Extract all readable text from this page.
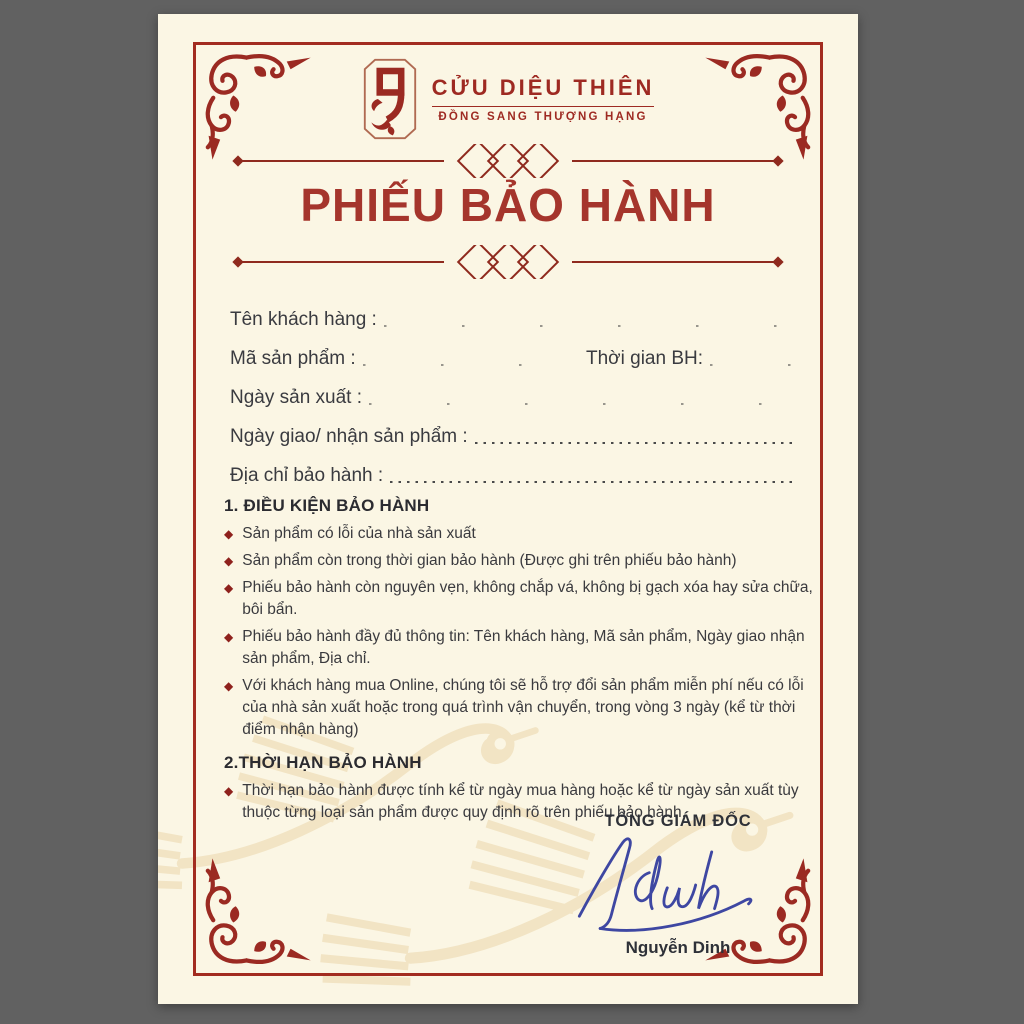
CỬU DIỆU THIÊN
ĐỒNG SANG THƯỢNG HẠNG
PHIẾU BẢO HÀNH
Tên khách hàng :
Mã sản phẩm :	Thời gian BH:
Ngày sản xuất :
Ngày giao/ nhận sản phẩm :
Địa chỉ bảo hành :
1. ĐIỀU KIỆN BẢO HÀNH
◆ Sản phẩm có lỗi của nhà sản xuất
◆ Sản phẩm còn trong thời gian bảo hành (Được ghi trên phiếu bảo hành)
◆ Phiếu bảo hành còn nguyên vẹn, không chắp vá, không bị gạch xóa hay sửa chữa, bôi bẩn.
◆ Phiếu bảo hành đầy đủ thông tin: Tên khách hàng, Mã sản phẩm, Ngày giao nhận sản phẩm, Địa chỉ.
◆ Với khách hàng mua Online, chúng tôi sẽ hỗ trợ đổi sản phẩm miễn phí nếu có lỗi của nhà sản xuất hoặc trong quá trình vận chuyển, trong vòng 3 ngày (kể từ thời điểm nhận hàng)
2.THỜI HẠN BẢO HÀNH
◆ Thời hạn bảo hành được tính kể từ ngày mua hàng hoặc kể từ ngày sản xuất tùy thuộc từng loại sản phẩm được quy định rõ trên phiếu bảo hành.
TỔNG GIÁM ĐỐC
Nguyễn Dinh
